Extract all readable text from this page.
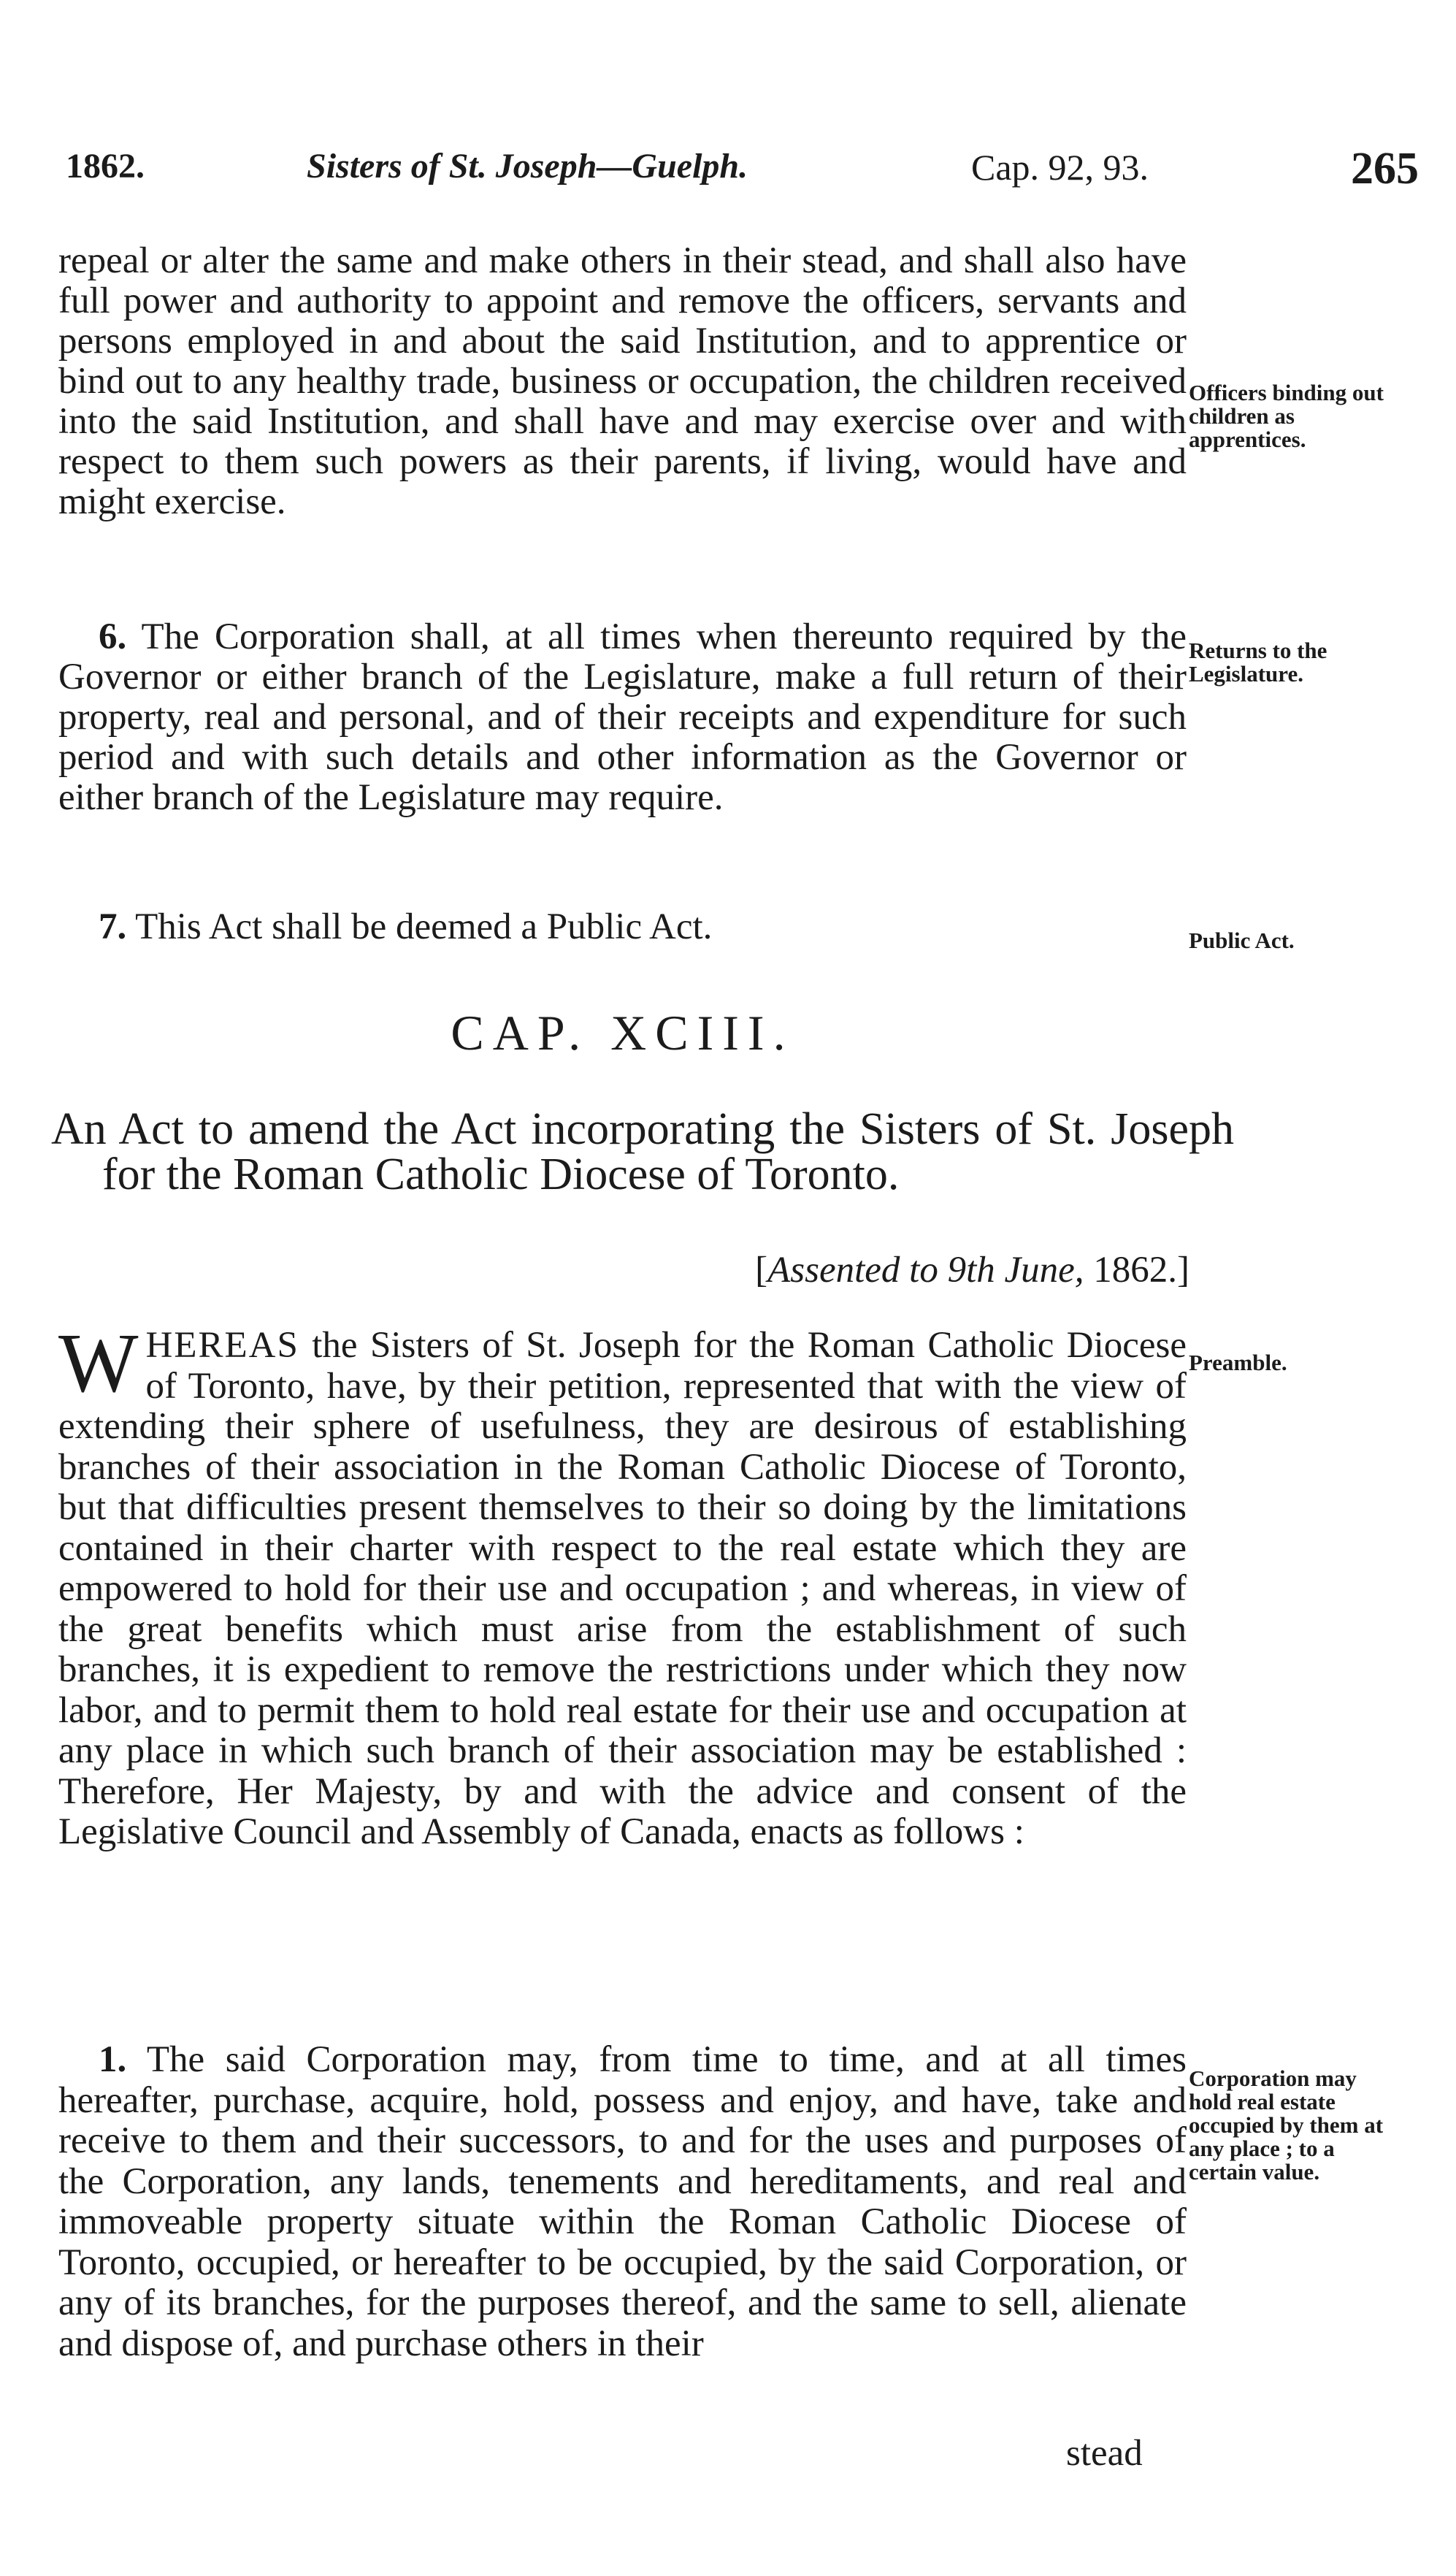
1862.	Sisters of St. Joseph—Guelph.	Cap. 92, 93.	265

repeal or alter the same and make others in their stead, and shall also have full power and authority to appoint and remove the officers, servants and persons employed in and about the said Institution, and to apprentice or bind out to any healthy trade, business or occupation, the children received into the said Institution, and shall have and may exercise over and with respect to them such powers as their parents, if living, would have and might exercise.

Officers binding out children as apprentices.

6. The Corporation shall, at all times when thereunto required by the Governor or either branch of the Legislature, make a full return of their property, real and personal, and of their receipts and expenditure for such period and with such details and other information as the Governor or either branch of the Legislature may require.

Returns to the Legislature.

7. This Act shall be deemed a Public Act.	Public Act.

CAP. XCIII.

An Act to amend the Act incorporating the Sisters of St. Joseph for the Roman Catholic Diocese of Toronto.

[Assented to 9th June, 1862.]

WHEREAS the Sisters of St. Joseph for the Roman Catholic Diocese of Toronto, have, by their petition, represented that with the view of extending their sphere of usefulness, they are desirous of establishing branches of their association in the Roman Catholic Diocese of Toronto, but that difficulties present themselves to their so doing by the limitations contained in their charter with respect to the real estate which they are empowered to hold for their use and occupation ; and whereas, in view of the great benefits which must arise from the establishment of such branches, it is expedient to remove the restrictions under which they now labor, and to permit them to hold real estate for their use and occupation at any place in which such branch of their association may be established : Therefore, Her Majesty, by and with the advice and consent of the Legislative Council and Assembly of Canada, enacts as follows :

Preamble.

1. The said Corporation may, from time to time, and at all times hereafter, purchase, acquire, hold, possess and enjoy, and have, take and receive to them and their successors, to and for the uses and purposes of the Corporation, any lands, tenements and hereditaments, and real and immoveable property situate within the Roman Catholic Diocese of Toronto, occupied, or hereafter to be occupied, by the said Corporation, or any of its branches, for the purposes thereof, and the same to sell, alienate and dispose of, and purchase others in their

Corporation may hold real estate occupied by them at any place ; to a certain value.

stead
